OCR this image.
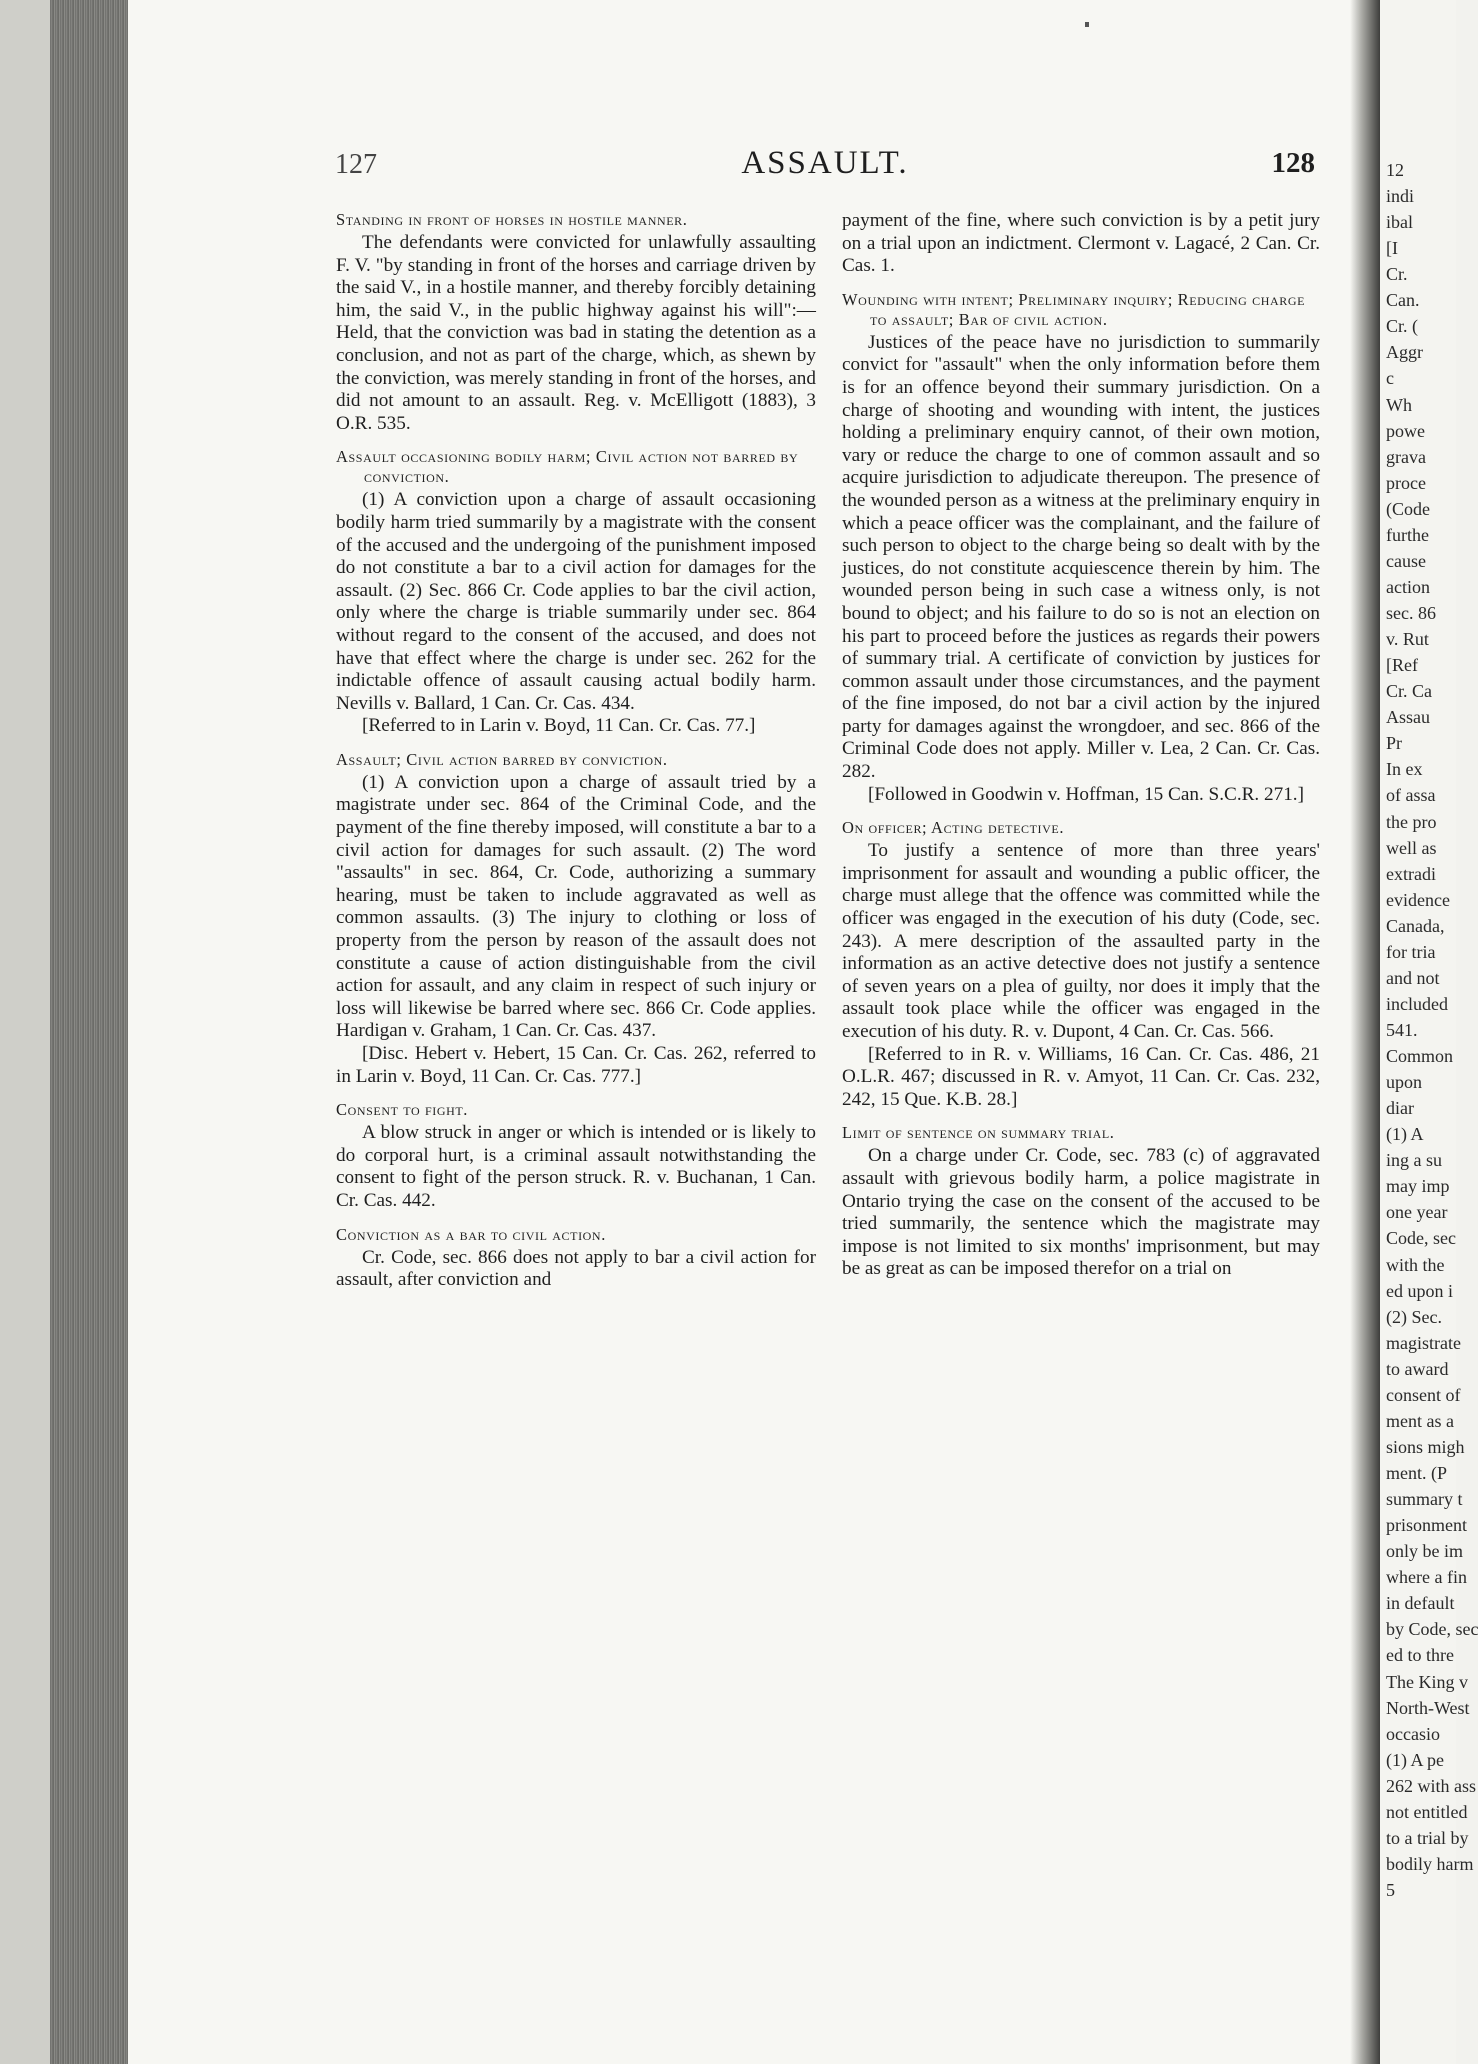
127	ASSAULT.	128

Standing in front of horses in hostile manner.

The defendants were convicted for unlawfully assaulting F. V. "by standing in front of the horses and carriage driven by the said V., in a hostile manner, and thereby forcibly detaining him, the said V., in the public highway against his will":—Held, that the conviction was bad in stating the detention as a conclusion, and not as part of the charge, which, as shewn by the conviction, was merely standing in front of the horses, and did not amount to an assault. Reg. v. McElligott (1883), 3 O.R. 535.

Assault occasioning bodily harm; Civil action not barred by conviction.

(1) A conviction upon a charge of assault occasioning bodily harm tried summarily by a magistrate with the consent of the accused and the undergoing of the punishment imposed do not constitute a bar to a civil action for damages for the assault. (2) Sec. 866 Cr. Code applies to bar the civil action, only where the charge is triable summarily under sec. 864 without regard to the consent of the accused, and does not have that effect where the charge is under sec. 262 for the indictable offence of assault causing actual bodily harm. Nevills v. Ballard, 1 Can. Cr. Cas. 434.

[Referred to in Larin v. Boyd, 11 Can. Cr. Cas. 77.]

Assault; Civil action barred by conviction.

(1) A conviction upon a charge of assault tried by a magistrate under sec. 864 of the Criminal Code, and the payment of the fine thereby imposed, will constitute a bar to a civil action for damages for such assault. (2) The word "assaults" in sec. 864, Cr. Code, authorizing a summary hearing, must be taken to include aggravated as well as common assaults. (3) The injury to clothing or loss of property from the person by reason of the assault does not constitute a cause of action distinguishable from the civil action for assault, and any claim in respect of such injury or loss will likewise be barred where sec. 866 Cr. Code applies. Hardigan v. Graham, 1 Can. Cr. Cas. 437.

[Disc. Hebert v. Hebert, 15 Can. Cr. Cas. 262, referred to in Larin v. Boyd, 11 Can. Cr. Cas. 777.]

Consent to fight.

A blow struck in anger or which is intended or is likely to do corporal hurt, is a criminal assault notwithstanding the consent to fight of the person struck. R. v. Buchanan, 1 Can. Cr. Cas. 442.

Conviction as a bar to civil action.

Cr. Code, sec. 866 does not apply to bar a civil action for assault, after conviction and

payment of the fine, where such conviction is by a petit jury on a trial upon an indictment. Clermont v. Lagacé, 2 Can. Cr. Cas. 1.

Wounding with intent; Preliminary inquiry; Reducing charge to assault; Bar of civil action.

Justices of the peace have no jurisdiction to summarily convict for "assault" when the only information before them is for an offence beyond their summary jurisdiction. On a charge of shooting and wounding with intent, the justices holding a preliminary enquiry cannot, of their own motion, vary or reduce the charge to one of common assault and so acquire jurisdiction to adjudicate thereupon. The presence of the wounded person as a witness at the preliminary enquiry in which a peace officer was the complainant, and the failure of such person to object to the charge being so dealt with by the justices, do not constitute acquiescence therein by him. The wounded person being in such case a witness only, is not bound to object; and his failure to do so is not an election on his part to proceed before the justices as regards their powers of summary trial. A certificate of conviction by justices for common assault under those circumstances, and the payment of the fine imposed, do not bar a civil action by the injured party for damages against the wrongdoer, and sec. 866 of the Criminal Code does not apply. Miller v. Lea, 2 Can. Cr. Cas. 282.

[Followed in Goodwin v. Hoffman, 15 Can. S.C.R. 271.]

On officer; Acting detective.

To justify a sentence of more than three years' imprisonment for assault and wounding a public officer, the charge must allege that the offence was committed while the officer was engaged in the execution of his duty (Code, sec. 243). A mere description of the assaulted party in the information as an active detective does not justify a sentence of seven years on a plea of guilty, nor does it imply that the assault took place while the officer was engaged in the execution of his duty. R. v. Dupont, 4 Can. Cr. Cas. 566.

[Referred to in R. v. Williams, 16 Can. Cr. Cas. 486, 21 O.L.R. 467; discussed in R. v. Amyot, 11 Can. Cr. Cas. 232, 242, 15 Que. K.B. 28.]

Limit of sentence on summary trial.

On a charge under Cr. Code, sec. 783 (c) of aggravated assault with grievous bodily harm, a police magistrate in Ontario trying the case on the consent of the accused to be tried summarily, the sentence which the magistrate may impose is not limited to six months' imprisonment, but may be as great as can be imposed therefor on a trial on

12
indi
ibal
[I
Cr.
Can.
Cr. (
Aggr
c
Wh
powe
grava
proce
(Code
furthe
cause
action
sec. 86
v. Rut
[Ref
Cr. Ca
Assau
Pr
In ex
of assa
the pro
well as
extradi
evidence
Canada,
for tria
and not
included
541.
Common
upon
diar
(1) A
ing a su
may imp
one year
Code, sec
with the
ed upon i
(2) Sec.
magistrate
to award
consent of
ment as a
sions migh
ment. (P
summary t
prisonment
only be im
where a fin
in default
by Code, sec
ed to thre
The King v
North-West
occasio
(1) A pe
262 with ass
not entitled
to a trial by
bodily harm
5
